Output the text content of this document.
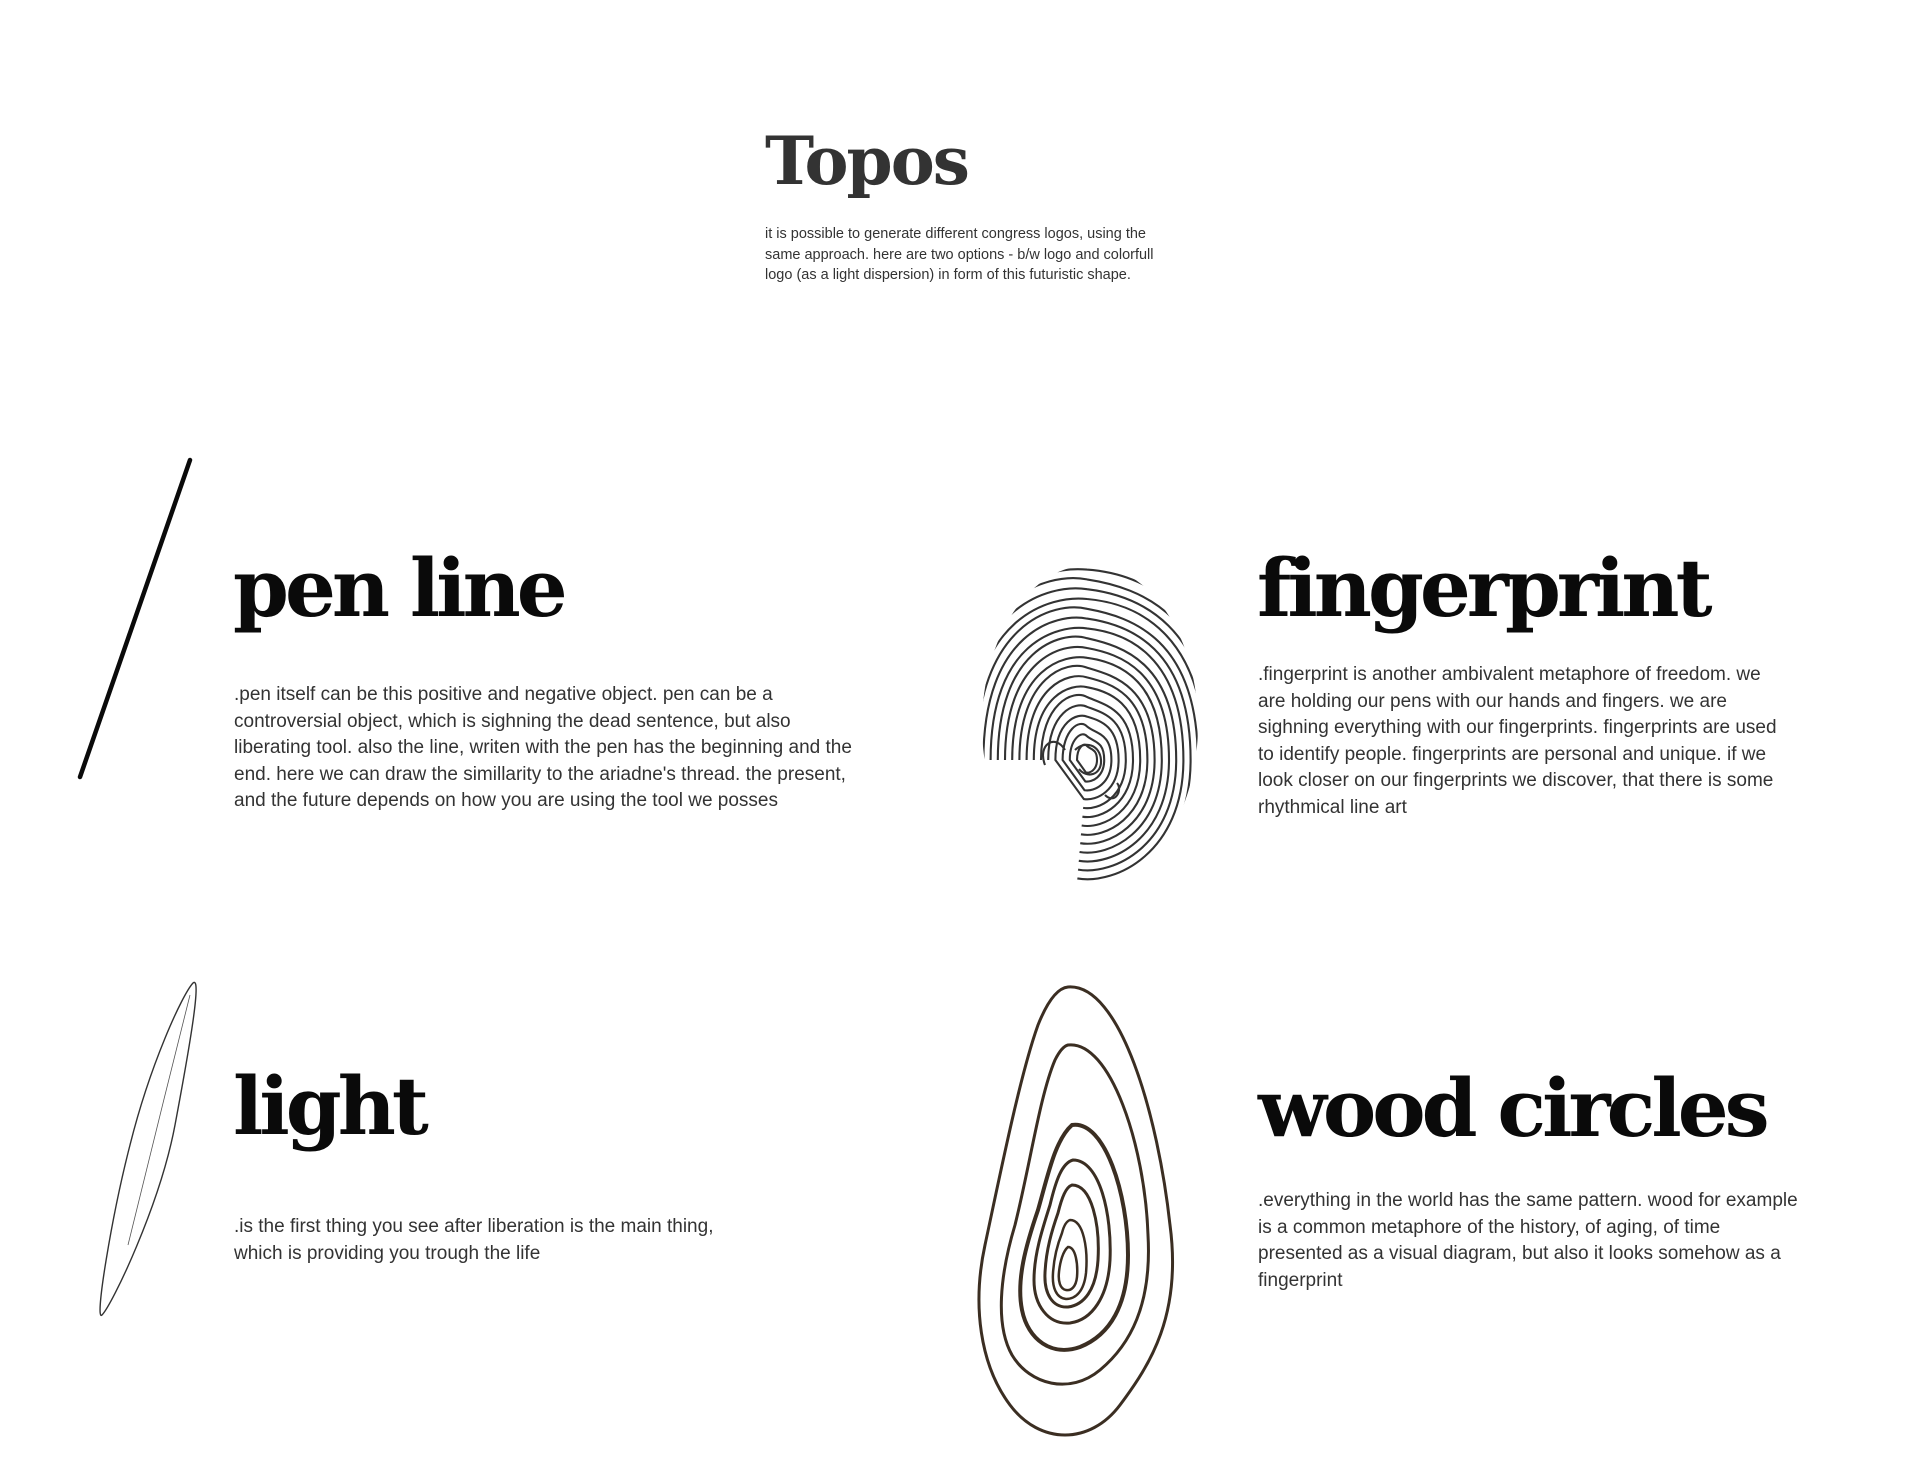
Topos

it is possible to generate different congress logos, using the same approach. here are two options - b/w logo and colorfull logo (as a light dispersion) in form of this futuristic shape.

pen line

.pen itself can be this positive and negative object. pen can be a controversial object, which is sighning the dead sentence, but also liberating tool. also the line, writen with the pen has the beginning and the end. here we can draw the simillarity to the ariadne's thread. the present, and the future depends on how you are using the tool we posses

fingerprint

.fingerprint is another ambivalent metaphore of freedom. we are holding our pens with our hands and fingers. we are sighning everything with our fingerprints. fingerprints are used to identify people. fingerprints are personal and unique. if we look closer on our fingerprints we discover, that there is some rhythmical line art

light

.is the first thing you see after liberation is the main thing, which is providing you trough the life

wood circles

.everything in the world has the same pattern. wood for example is a common metaphore of the history, of aging, of time presented as a visual diagram, but also it looks somehow as a fingerprint
